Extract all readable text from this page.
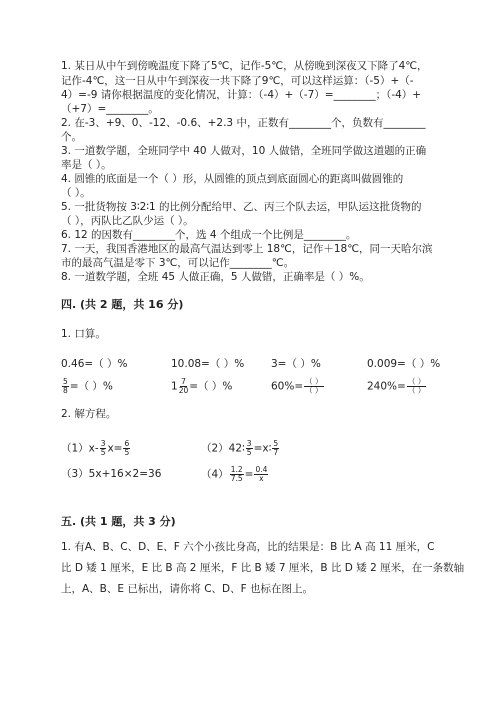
1. 某日从中午到傍晚温度下降了5℃，记作-5℃，从傍晚到深夜又下降了4℃，
记作-4℃，这一日从中午到深夜一共下降了9℃，可以这样运算：（-5）+（-
4）=-9 请你根据温度的变化情况，计算：（-4）+（-7）=________；（-4）+
（+7）=________。
2. 在-3、+9、0、-12、-0.6、+2.3 中，正数有________个，负数有________
个。
3. 一道数学题，全班同学中 40 人做对，10 人做错，全班同学做这道题的正确
率是（ ）。
4. 圆锥的底面是一个（ ）形，从圆锥的顶点到底面圆心的距离叫做圆锥的
（ ）。
5. 一批货物按 3∶2∶1 的比例分配给甲、乙、丙三个队去运，甲队运这批货物的
（ ），丙队比乙队少运（ ）。
6. 12 的因数有________个，选 4 个组成一个比例是________。
7. 一天，我国香港地区的最高气温达到零上 18℃，记作＋18℃，同一天哈尔滨
市的最高气温是零下 3℃，可以记作________℃。
8. 一道数学题，全班 45 人做正确，5 人做错，正确率是（ ）%。
四. (共 2 题，共 16 分)
1. 口算。
0.46=（ ）%	10.08=（ ）%	3=（ ）%	0.009=（ ）%
$\frac{5}{8}$ =（ ）%	$1 \frac{7}{20}$ =（ ）%	$60\%= \frac{( )}{( )}$	$240\%= \frac{( )}{( )}$
2. 解方程。
$(1)x- \frac{3}{5} x= \frac{6}{5}$	（2）42∶ $\frac{3}{5}$ =x∶ $\frac{5}{7}$
（3）5x+16×2=36	$(4) \frac{1.2}{7.5} = \frac{0.4}{x}$
五. (共 1 题，共 3 分)
1. 有A、B、C、D、E、F 六个小孩比身高，比的结果是：B 比 A 高 11 厘米，C
比 D 矮 1 厘米，E 比 B 高 2 厘米，F 比 B 矮 7 厘米，B 比 D 矮 2 厘米，在一条数轴
上，A、B、E 已标出，请你将 C、D、F 也标在图上。
